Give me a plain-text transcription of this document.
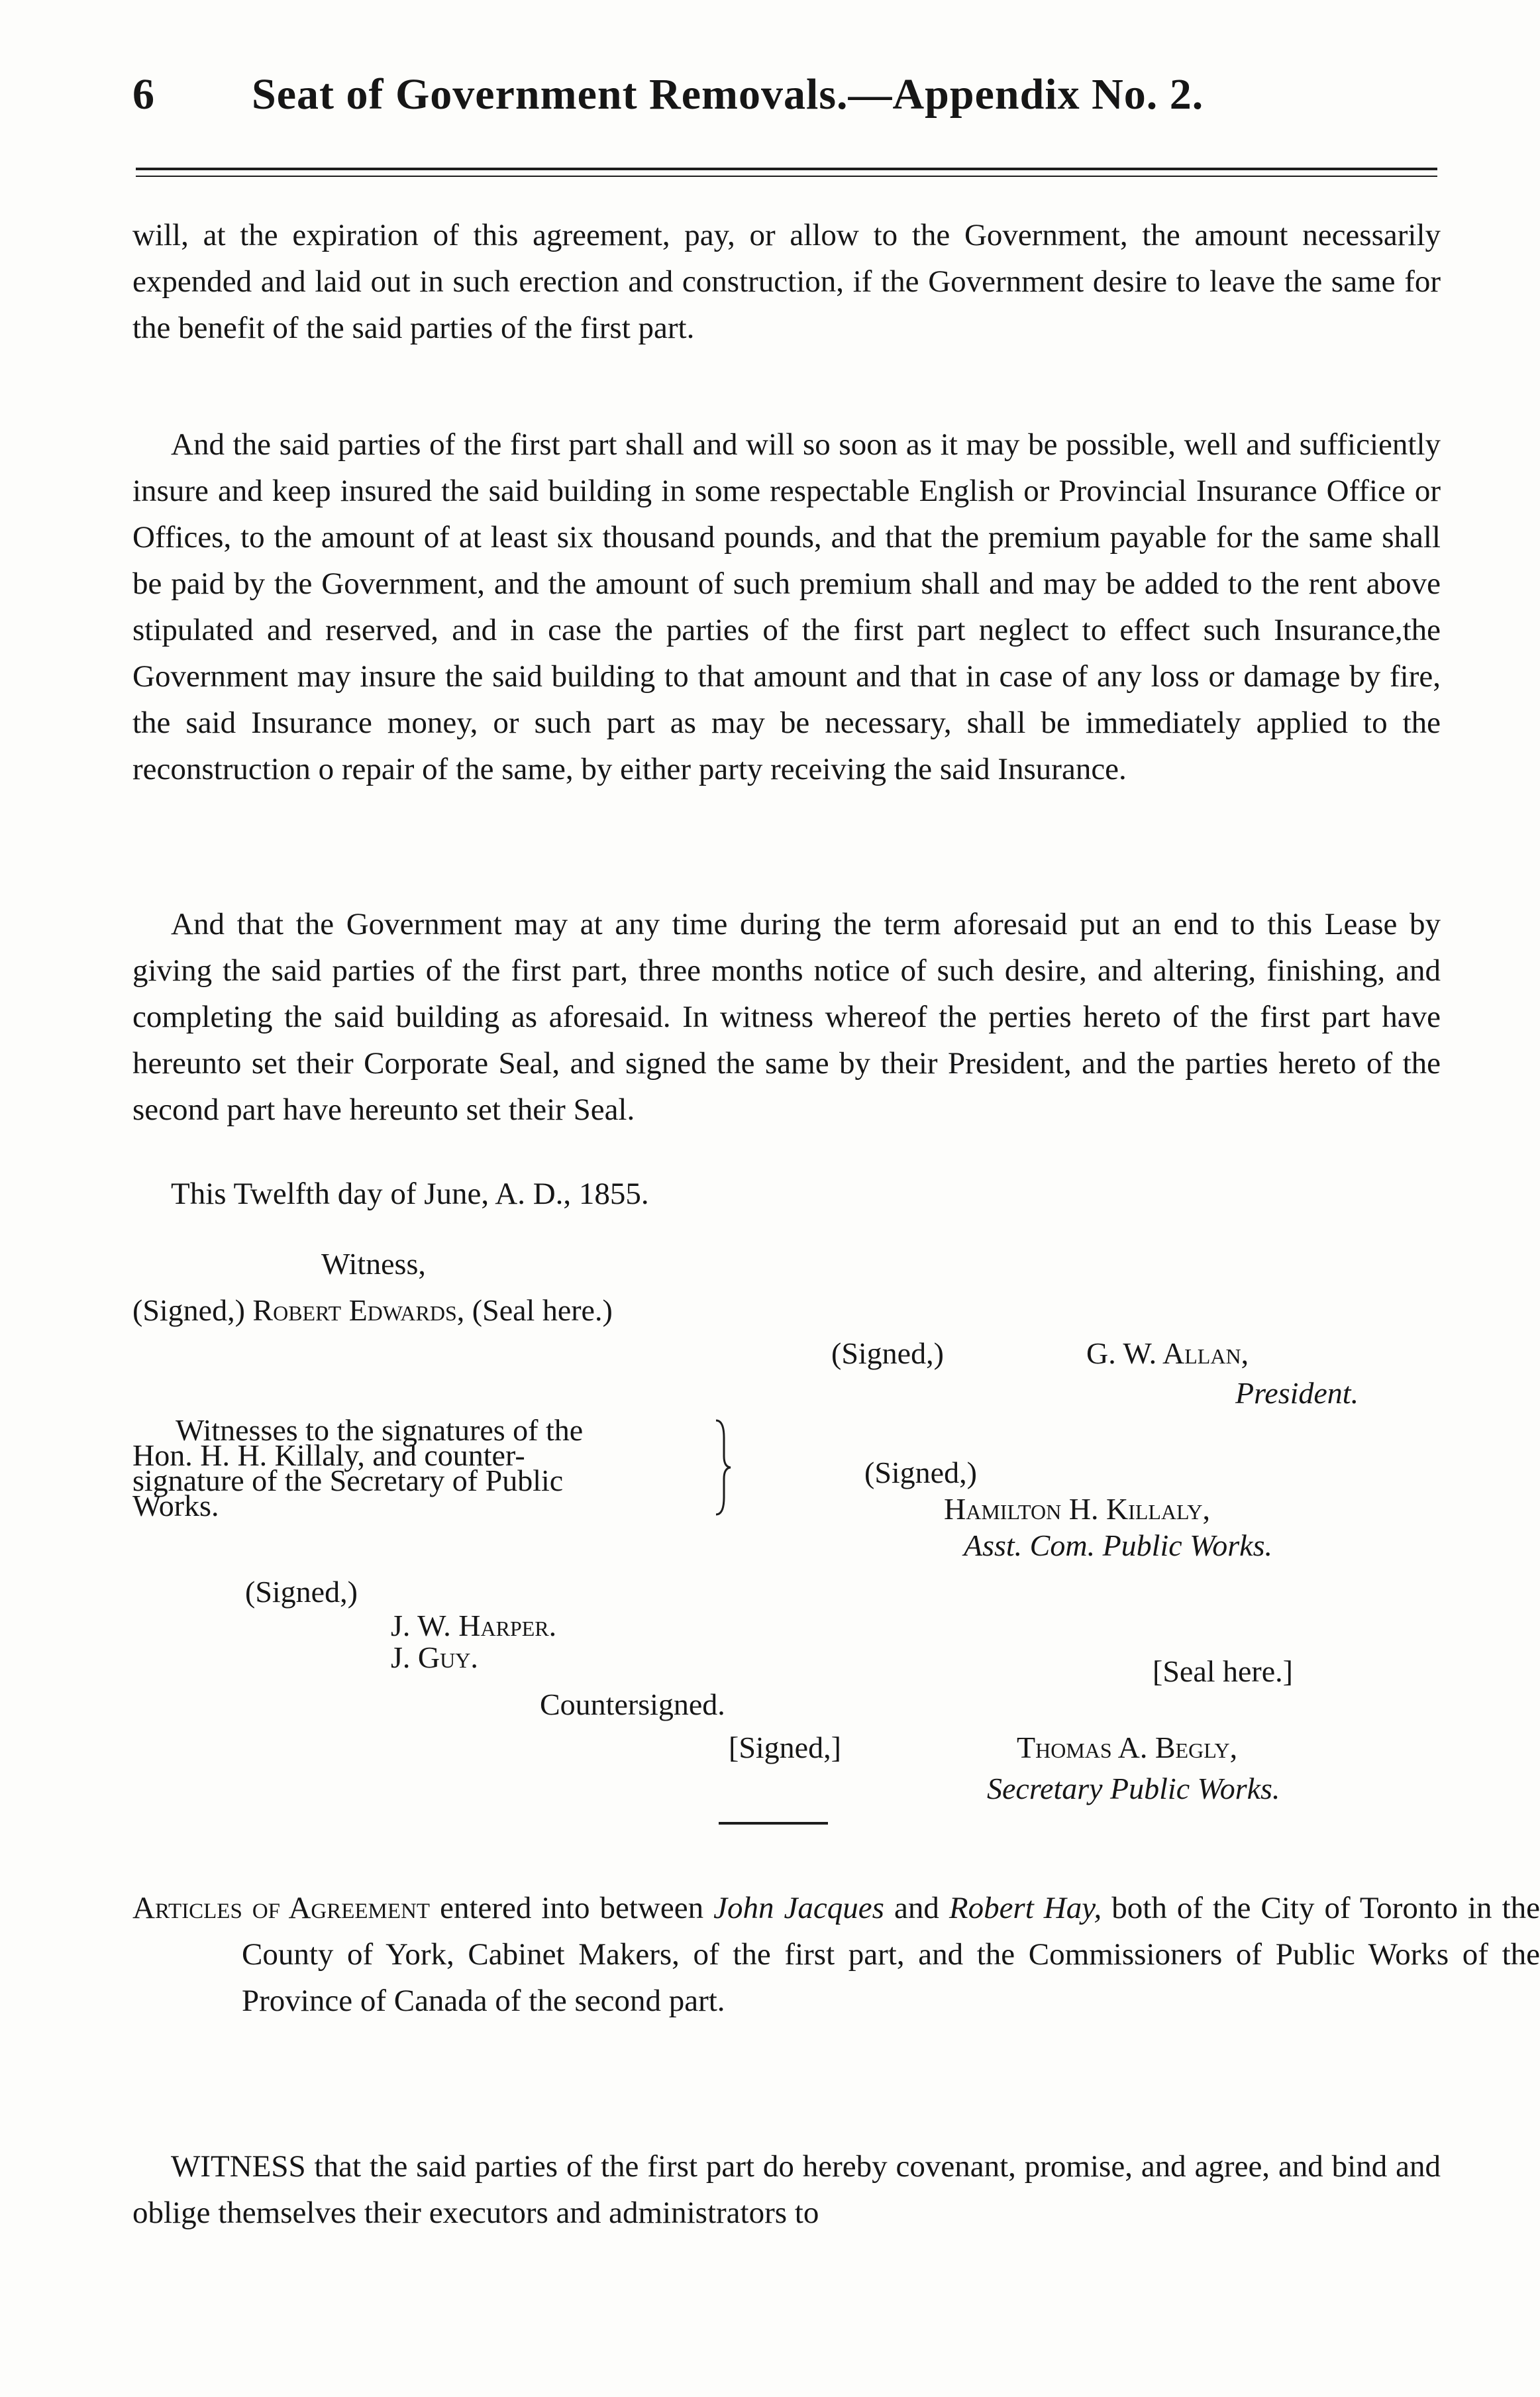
6 Seat of Government Removals.—Appendix No. 2.

will, at the expiration of this agreement, pay, or allow to the Government, the amount necessarily expended and laid out in such erection and construction, if the Government desire to leave the same for the benefit of the said parties of the first part.

And the said parties of the first part shall and will so soon as it may be possible, well and sufficiently insure and keep insured the said building in some respectable English or Provincial Insurance Office or Offices, to the amount of at least six thousand pounds, and that the premium payable for the same shall be paid by the Government, and the amount of such premium shall and may be added to the rent above stipulated and reserved, and in case the parties of the first part neglect to effect such Insurance,the Government may insure the said building to that amount and that in case of any loss or damage by fire, the said Insurance money, or such part as may be necessary, shall be immediately applied to the reconstruction o repair of the same, by either party receiving the said Insurance.

And that the Government may at any time during the term aforesaid put an end to this Lease by giving the said parties of the first part, three months notice of such desire, and altering, finishing, and completing the said building as aforesaid. In witness whereof the perties hereto of the first part have hereunto set their Corporate Seal, and signed the same by their President, and the parties hereto of the second part have hereunto set their Seal.

This Twelfth day of June, A. D., 1855.

Witness,

(Signed,) Robert Edwards, (Seal here.)

(Signed,)	G. W. Allan,

President.

Witnesses to the signatures of the

Hon. H. H. Killaly, and counter-

signature of the Secretary of Public

Works.

(Signed,)

Hamilton H. Killaly,

Asst. Com. Public Works.

(Signed,)

J. W. Harper.

J. Guy.	[Seal here.]

Countersigned.

[Signed,]	Thomas A. Begly,

Secretary Public Works.

Articles of Agreement entered into between John Jacques and Robert Hay, both of the City of Toronto in the County of York, Cabinet Makers, of the first part, and the Commissioners of Public Works of the Province of Canada of the second part.

WITNESS that the said parties of the first part do hereby covenant, promise, and agree, and bind and oblige themselves their executors and administrators to
